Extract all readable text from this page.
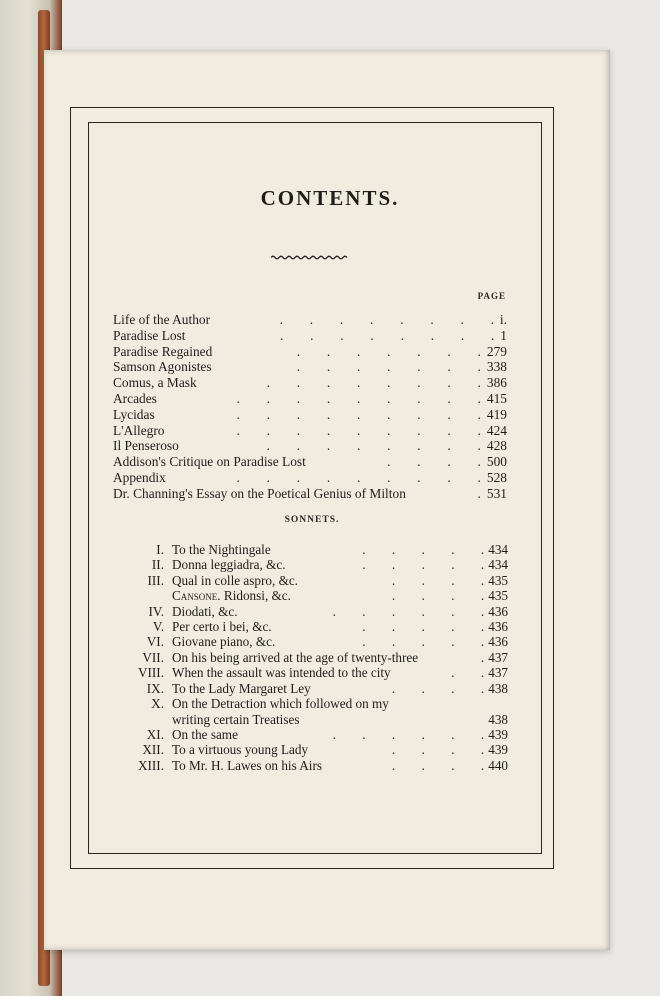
CONTENTS.
PAGE
Life of the Author	i.
.  .  .  .  .  .  .  .
Paradise Lost	1
.  .  .  .  .  .  .  .
Paradise Regained	279
.  .  .  .  .  .  .
Samson Agonistes	338
.  .  .  .  .  .  .
Comus, a Mask	386
.  .  .  .  .  .  .  .
Arcades	415
.  .  .  .  .  .  .  .  .
Lycidas	419
.  .  .  .  .  .  .  .  .
L'Allegro	424
.  .  .  .  .  .  .  .  .
Il Penseroso	428
.  .  .  .  .  .  .  .
Addison's Critique on Paradise Lost	500
.  .  .  .
Appendix	528
.  .  .  .  .  .  .  .  .
Dr. Channing's Essay on the Poetical Genius of Milton	531
.
SONNETS.
I. To the Nightingale	434
.  .  .  .  .
II. Donna leggiadra, &c.	434
.  .  .  .  .
III. Qual in colle aspro, &c.	435
.  .  .  .
Cansone. Ridonsi, &c.	435
.  .  .  .
IV. Diodati, &c.	436
.  .  .  .  .  .
V. Per certo i bei, &c.	436
.  .  .  .  .
VI. Giovane piano, &c.	436
.  .  .  .  .
VII. On his being arrived at the age of twenty-three	437
.
VIII. When the assault was intended to the city	437
.  .
IX. To the Lady Margaret Ley	438
.  .  .  .
X. On the Detraction which followed on my
writing certain Treatises	438
XI. On the same	439
.  .  .  .  .  .
XII. To a virtuous young Lady	439
.  .  .  .
XIII. To Mr. H. Lawes on his Airs	440
.  .  .  .
